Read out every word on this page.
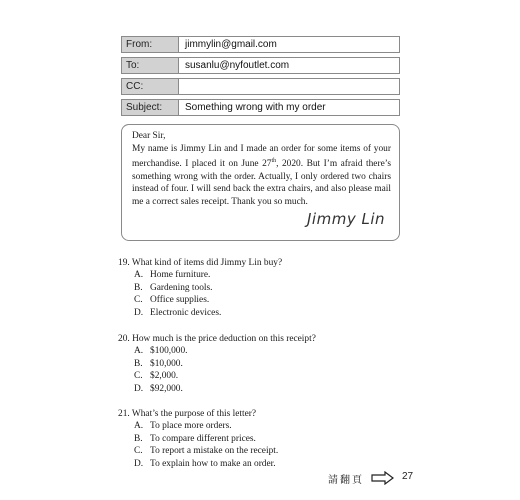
From:	jimmylin@gmail.com
To:	susanlu@nyfoutlet.com
CC:
Subject:	Something wrong with my order
Dear Sir,
My name is Jimmy Lin and I made an order for some items of your merchandise. I placed it on June 27th, 2020. But I’m afraid there’s something wrong with the order. Actually, I only ordered two chairs instead of four. I will send back the extra chairs, and also please mail me a correct sales receipt. Thank you so much.
Jimmy Lin
19. What kind of items did Jimmy Lin buy?
A. Home furniture.
B. Gardening tools.
C. Office supplies.
D. Electronic devices.
20. How much is the price deduction on this receipt?
A. $100,000.
B. $10,000.
C. $2,000.
D. $92,000.
21. What’s the purpose of this letter?
A. To place more orders.
B. To compare different prices.
C. To report a mistake on the receipt.
D. To explain how to make an order.
請翻頁	27
